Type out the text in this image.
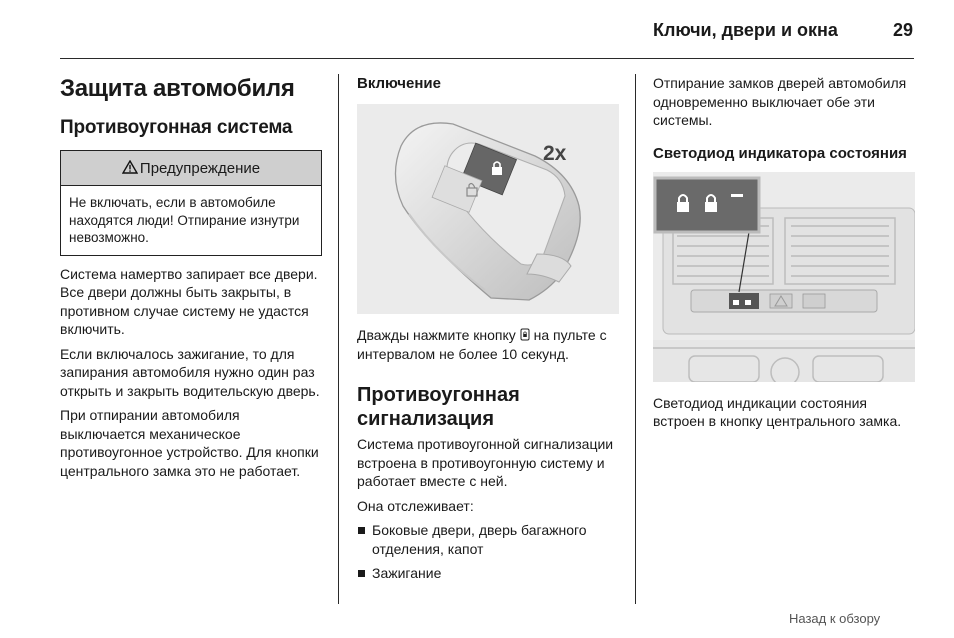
Ключи, двери и окна	29
Защита автомобиля
Противоугонная система
Предупреждение
Не включать, если в автомобиле находятся люди! Отпирание изнутри невозможно.

Система намертво запирает все двери. Все двери должны быть закрыты, в противном случае систему не удастся включить.

Если включалось зажигание, то для запирания автомобиля нужно один раз открыть и закрыть водительскую дверь.

При отпирании автомобиля выключается механическое противоугонное устройство. Для кнопки центрального замка это не работает.

Включение
2x

Дважды нажмите кнопку на пульте с интервалом не более 10 секунд.

Противоугонная сигнализация

Система противоугонной сигнализации встроена в противоугонную систему и работает вместе с ней.

Она отслеживает:

Боковые двери, дверь багажного отделения, капот
Зажигание

Отпирание замков дверей автомобиля одновременно выключает обе эти системы.

Светодиод индикатора состояния

Светодиод индикации состояния встроен в кнопку центрального замка.

Назад к обзору
